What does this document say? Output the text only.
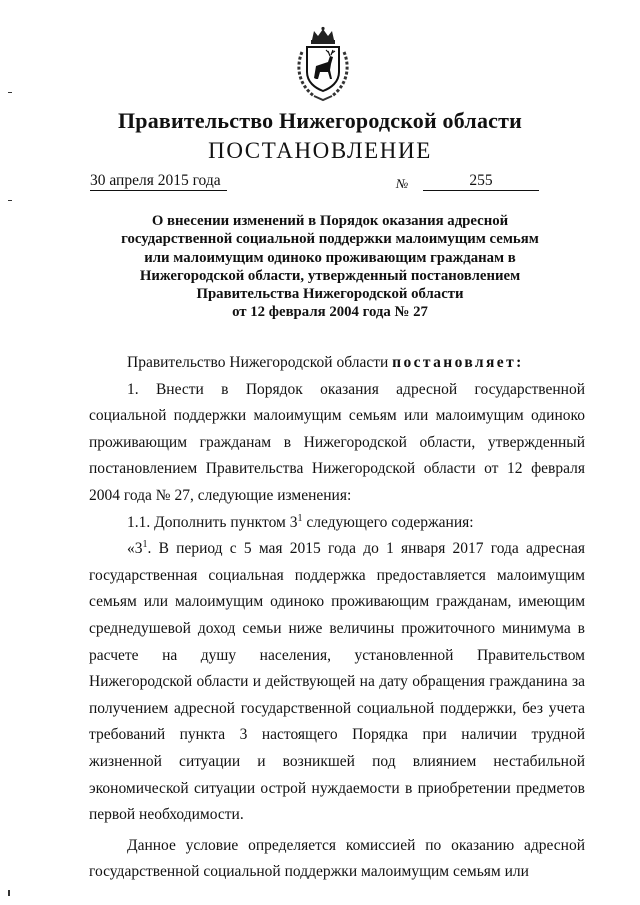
Правительство Нижегородской области
ПОСТАНОВЛЕНИЕ
30 апреля 2015 года	№	255
О внесении изменений в Порядок оказания адресной
государственной социальной поддержки малоимущим семьям
или малоимущим одиноко проживающим гражданам в
Нижегородской области, утвержденный постановлением
Правительства Нижегородской области
от 12 февраля 2004 года № 27

Правительство Нижегородской области постановляет:

1. Внести в Порядок оказания адресной государственной социальной поддержки малоимущим семьям или малоимущим одиноко проживающим гражданам в Нижегородской области, утвержденный постановлением Правительства Нижегородской области от 12 февраля 2004 года № 27, следующие изменения:

1.1. Дополнить пунктом $3^1$ следующего содержания:

«$3^1$. В период с 5 мая 2015 года до 1 января 2017 года адресная государственная социальная поддержка предоставляется малоимущим семьям или малоимущим одиноко проживающим гражданам, имеющим среднедушевой доход семьи ниже величины прожиточного минимума в расчете на душу населения, установленной Правительством Нижегородской области и действующей на дату обращения гражданина за получением адресной государственной социальной поддержки, без учета требований пункта 3 настоящего Порядка при наличии трудной жизненной ситуации и возникшей под влиянием нестабильной экономической ситуации острой нуждаемости в приобретении предметов первой необходимости.

Данное условие определяется комиссией по оказанию адресной государственной социальной поддержки малоимущим семьям или
